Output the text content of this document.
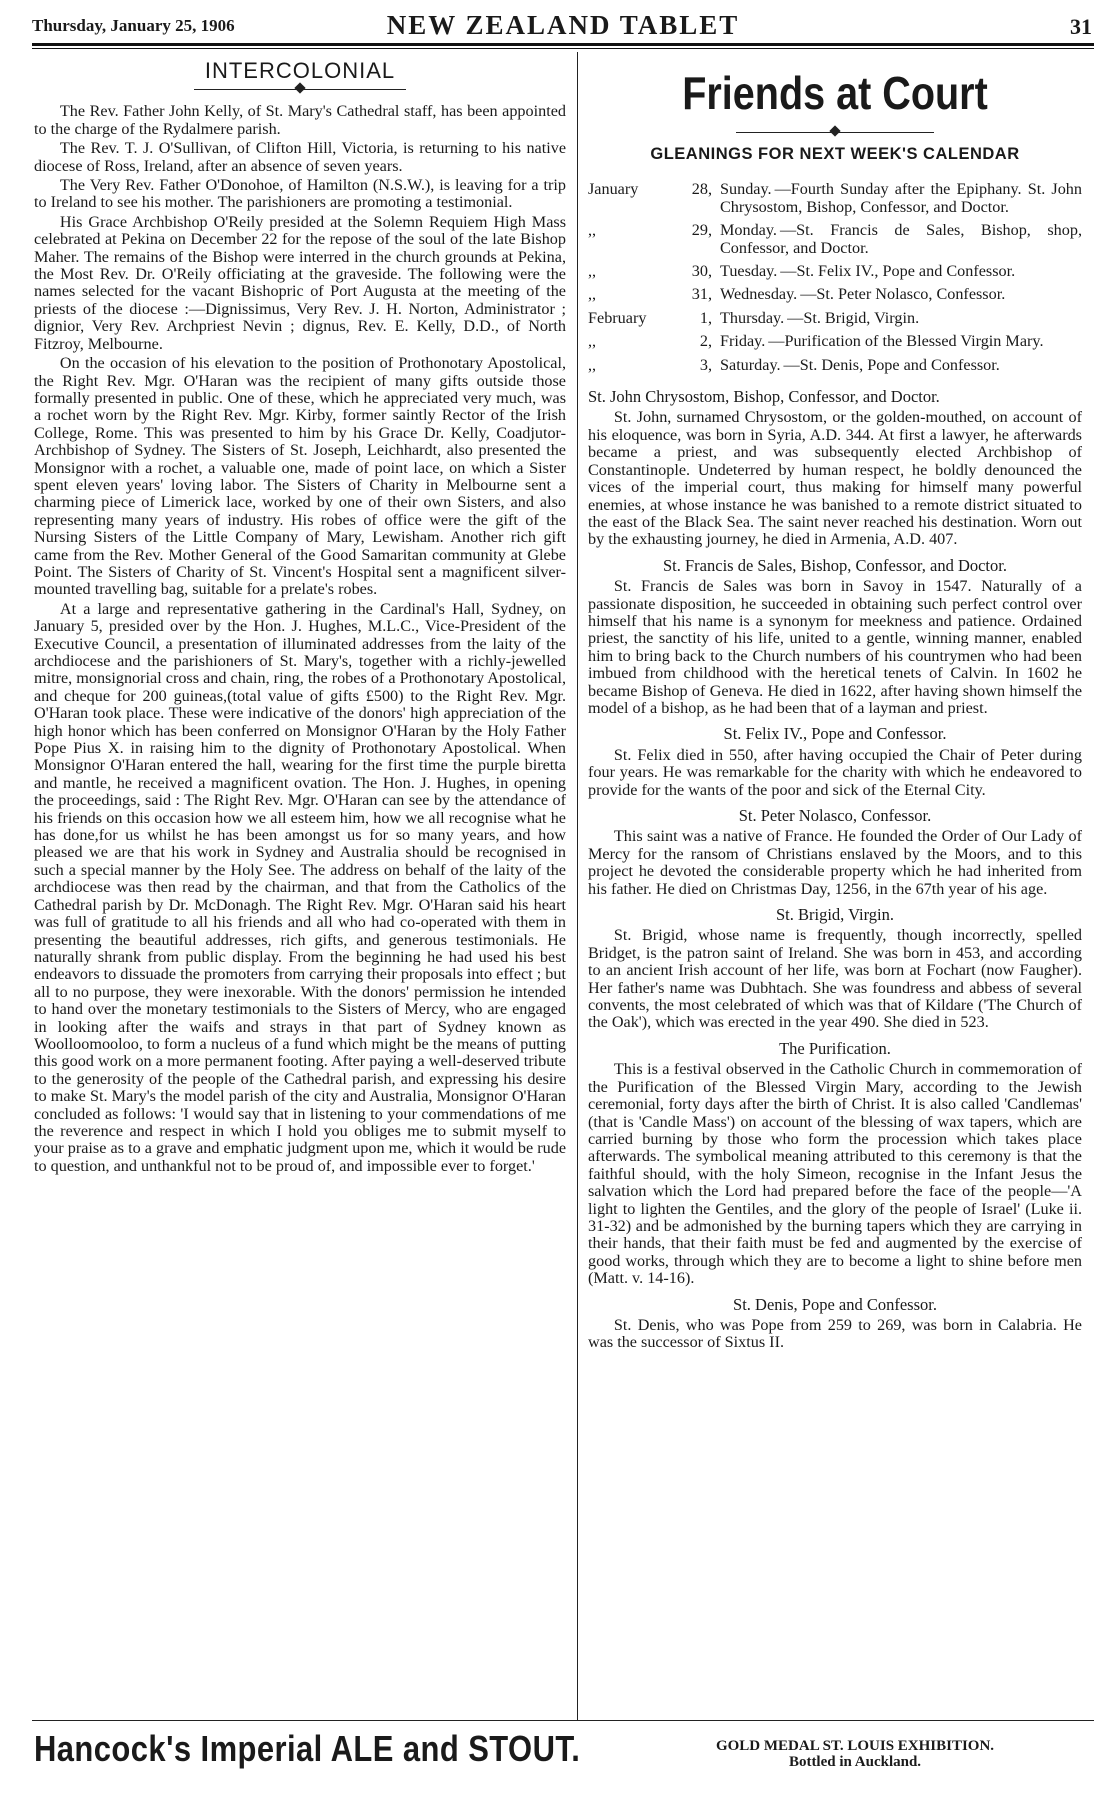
Thursday, January 25, 1906	NEW ZEALAND TABLET	31
INTERCOLONIAL

The Rev. Father John Kelly, of St. Mary's Cathedral staff, has been appointed to the charge of the Rydalmere parish.

The Rev. T. J. O'Sullivan, of Clifton Hill, Victoria, is returning to his native diocese of Ross, Ireland, after an absence of seven years.

The Very Rev. Father O'Donohoe, of Hamilton (N.S.W.), is leaving for a trip to Ireland to see his mother. The parishioners are promoting a testimonial.

His Grace Archbishop O'Reily presided at the Solemn Requiem High Mass celebrated at Pekina on December 22 for the repose of the soul of the late Bishop Maher. The remains of the Bishop were interred in the church grounds at Pekina, the Most Rev. Dr. O'Reily officiating at the graveside. The following were the names selected for the vacant Bishopric of Port Augusta at the meeting of the priests of the diocese :—Dignissimus, Very Rev. J. H. Norton, Administrator ; dignior, Very Rev. Archpriest Nevin ; dignus, Rev. E. Kelly, D.D., of North Fitzroy, Melbourne.

On the occasion of his elevation to the position of Prothonotary Apostolical, the Right Rev. Mgr. O'Haran was the recipient of many gifts outside those formally presented in public. One of these, which he appreciated very much, was a rochet worn by the Right Rev. Mgr. Kirby, former saintly Rector of the Irish College, Rome. This was presented to him by his Grace Dr. Kelly, Coadjutor-Archbishop of Sydney. The Sisters of St. Joseph, Leichhardt, also presented the Monsignor with a rochet, a valuable one, made of point lace, on which a Sister spent eleven years' loving labor. The Sisters of Charity in Melbourne sent a charming piece of Limerick lace, worked by one of their own Sisters, and also representing many years of industry. His robes of office were the gift of the Nursing Sisters of the Little Company of Mary, Lewisham. Another rich gift came from the Rev. Mother General of the Good Samaritan community at Glebe Point. The Sisters of Charity of St. Vincent's Hospital sent a magnificent silver-mounted travelling bag, suitable for a prelate's robes.

At a large and representative gathering in the Cardinal's Hall, Sydney, on January 5, presided over by the Hon. J. Hughes, M.L.C., Vice-President of the Executive Council, a presentation of illuminated addresses from the laity of the archdiocese and the parishioners of St. Mary's, together with a richly-jewelled mitre, monsignorial cross and chain, ring, the robes of a Prothonotary Apostolical, and cheque for 200 guineas,(total value of gifts £500) to the Right Rev. Mgr. O'Haran took place. These were indicative of the donors' high appreciation of the high honor which has been conferred on Monsignor O'Haran by the Holy Father Pope Pius X. in raising him to the dignity of Prothonotary Apostolical. When Monsignor O'Haran entered the hall, wearing for the first time the purple biretta and mantle, he received a magnificent ovation. The Hon. J. Hughes, in opening the proceedings, said : The Right Rev. Mgr. O'Haran can see by the attendance of his friends on this occasion how we all esteem him, how we all recognise what he has done,for us whilst he has been amongst us for so many years, and how pleased we are that his work in Sydney and Australia should be recognised in such a special manner by the Holy See. The address on behalf of the laity of the archdiocese was then read by the chairman, and that from the Catholics of the Cathedral parish by Dr. McDonagh. The Right Rev. Mgr. O'Haran said his heart was full of gratitude to all his friends and all who had co-operated with them in presenting the beautiful addresses, rich gifts, and generous testimonials. He naturally shrank from public display. From the beginning he had used his best endeavors to dissuade the promoters from carrying their proposals into effect ; but all to no purpose, they were inexorable. With the donors' permission he intended to hand over the monetary testimonials to the Sisters of Mercy, who are engaged in looking after the waifs and strays in that part of Sydney known as Woolloomooloo, to form a nucleus of a fund which might be the means of putting this good work on a more permanent footing. After paying a well-deserved tribute to the generosity of the people of the Cathedral parish, and expressing his desire to make St. Mary's the model parish of the city and Australia, Monsignor O'Haran concluded as follows: 'I would say that in listening to your commendations of me the reverence and respect in which I hold you obliges me to submit myself to your praise as to a grave and emphatic judgment upon me, which it would be rude to question, and unthankful not to be proud of, and impossible ever to forget.'

Friends at Court
GLEANINGS FOR NEXT WEEK'S CALENDAR
January	28, Sunday. —Fourth Sunday after the Epiphany. St. John Chrysostom, Bishop, Confessor, and Doctor.
,,	29, Monday. —St. Francis de Sales, Bishop, shop, Confessor, and Doctor.
,,	30, Tuesday. —St. Felix IV., Pope and Confessor.
,,	31, Wednesday. —St. Peter Nolasco, Confessor.
February	1, Thursday. —St. Brigid, Virgin.
,,	2, Friday. —Purification of the Blessed Virgin Mary.
,,	3, Saturday. —St. Denis, Pope and Confessor.
St. John Chrysostom, Bishop, Confessor, and Doctor.

St. John, surnamed Chrysostom, or the golden-mouthed, on account of his eloquence, was born in Syria, A.D. 344. At first a lawyer, he afterwards became a priest, and was subsequently elected Archbishop of Constantinople. Undeterred by human respect, he boldly denounced the vices of the imperial court, thus making for himself many powerful enemies, at whose instance he was banished to a remote district situated to the east of the Black Sea. The saint never reached his destination. Worn out by the exhausting journey, he died in Armenia, A.D. 407.

St. Francis de Sales, Bishop, Confessor, and Doctor.

St. Francis de Sales was born in Savoy in 1547. Naturally of a passionate disposition, he succeeded in obtaining such perfect control over himself that his name is a synonym for meekness and patience. Ordained priest, the sanctity of his life, united to a gentle, winning manner, enabled him to bring back to the Church numbers of his countrymen who had been imbued from childhood with the heretical tenets of Calvin. In 1602 he became Bishop of Geneva. He died in 1622, after having shown himself the model of a bishop, as he had been that of a layman and priest.

St. Felix IV., Pope and Confessor.

St. Felix died in 550, after having occupied the Chair of Peter during four years. He was remarkable for the charity with which he endeavored to provide for the wants of the poor and sick of the Eternal City.

St. Peter Nolasco, Confessor.

This saint was a native of France. He founded the Order of Our Lady of Mercy for the ransom of Christians enslaved by the Moors, and to this project he devoted the considerable property which he had inherited from his father. He died on Christmas Day, 1256, in the 67th year of his age.

St. Brigid, Virgin.

St. Brigid, whose name is frequently, though incorrectly, spelled Bridget, is the patron saint of Ireland. She was born in 453, and according to an ancient Irish account of her life, was born at Fochart (now Faugher). Her father's name was Dubhtach. She was foundress and abbess of several convents, the most celebrated of which was that of Kildare ('The Church of the Oak'), which was erected in the year 490. She died in 523.

The Purification.

This is a festival observed in the Catholic Church in commemoration of the Purification of the Blessed Virgin Mary, according to the Jewish ceremonial, forty days after the birth of Christ. It is also called 'Candlemas' (that is 'Candle Mass') on account of the blessing of wax tapers, which are carried burning by those who form the procession which takes place afterwards. The symbolical meaning attributed to this ceremony is that the faithful should, with the holy Simeon, recognise in the Infant Jesus the salvation which the Lord had prepared before the face of the people—'A light to lighten the Gentiles, and the glory of the people of Israel' (Luke ii. 31-32) and be admonished by the burning tapers which they are carrying in their hands, that their faith must be fed and augmented by the exercise of good works, through which they are to become a light to shine before men (Matt. v. 14-16).

St. Denis, Pope and Confessor.

St. Denis, who was Pope from 259 to 269, was born in Calabria. He was the successor of Sixtus II.

Hancock's Imperial ALE and STOUT.	GOLD MEDAL ST. LOUIS EXHIBITION.
Bottled in Auckland.
